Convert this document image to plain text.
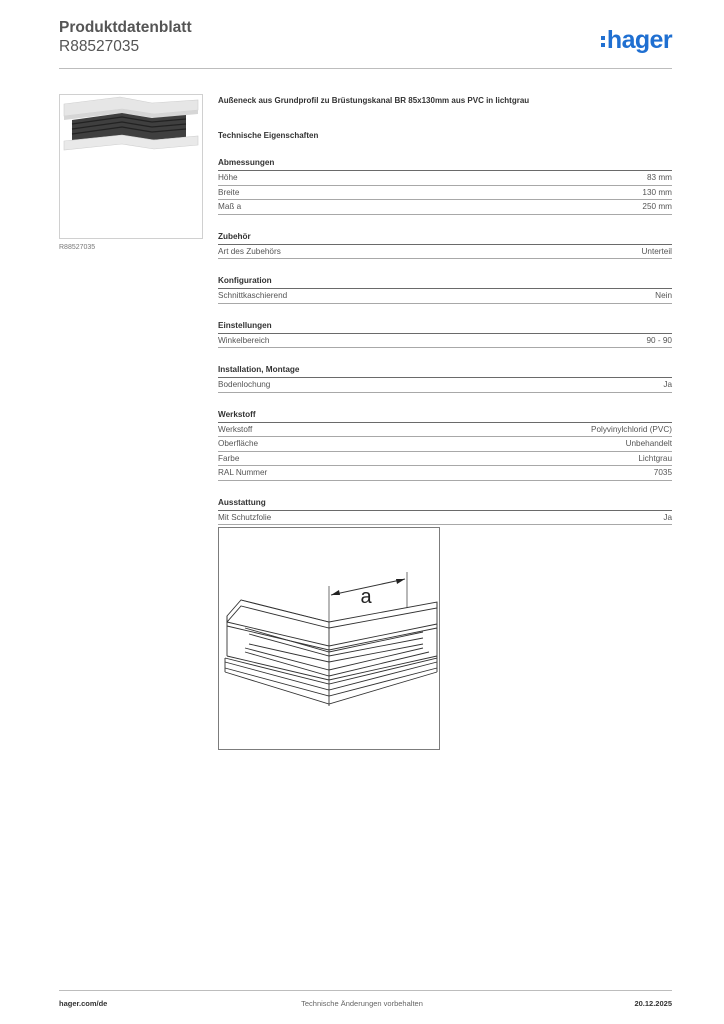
Produktdatenblatt
R88527035	hager
R88527035
Außeneck aus Grundprofil zu Brüstungskanal BR 85x130mm aus PVC in lichtgrau
Technische Eigenschaften
Abmessungen
Höhe	83 mm
Breite	130 mm
Maß a	250 mm
Zubehör
Art des Zubehörs	Unterteil
Konfiguration
Schnittkaschierend	Nein
Einstellungen
Winkelbereich	90 - 90
Installation, Montage
Bodenlochung	Ja
Werkstoff
Werkstoff	Polyvinylchlorid (PVC)
Oberfläche	Unbehandelt
Farbe	Lichtgrau
RAL Nummer	7035
Ausstattung
Mit Schutzfolie	Ja
a
hager.com/de	Technische Änderungen vorbehalten	20.12.2025
